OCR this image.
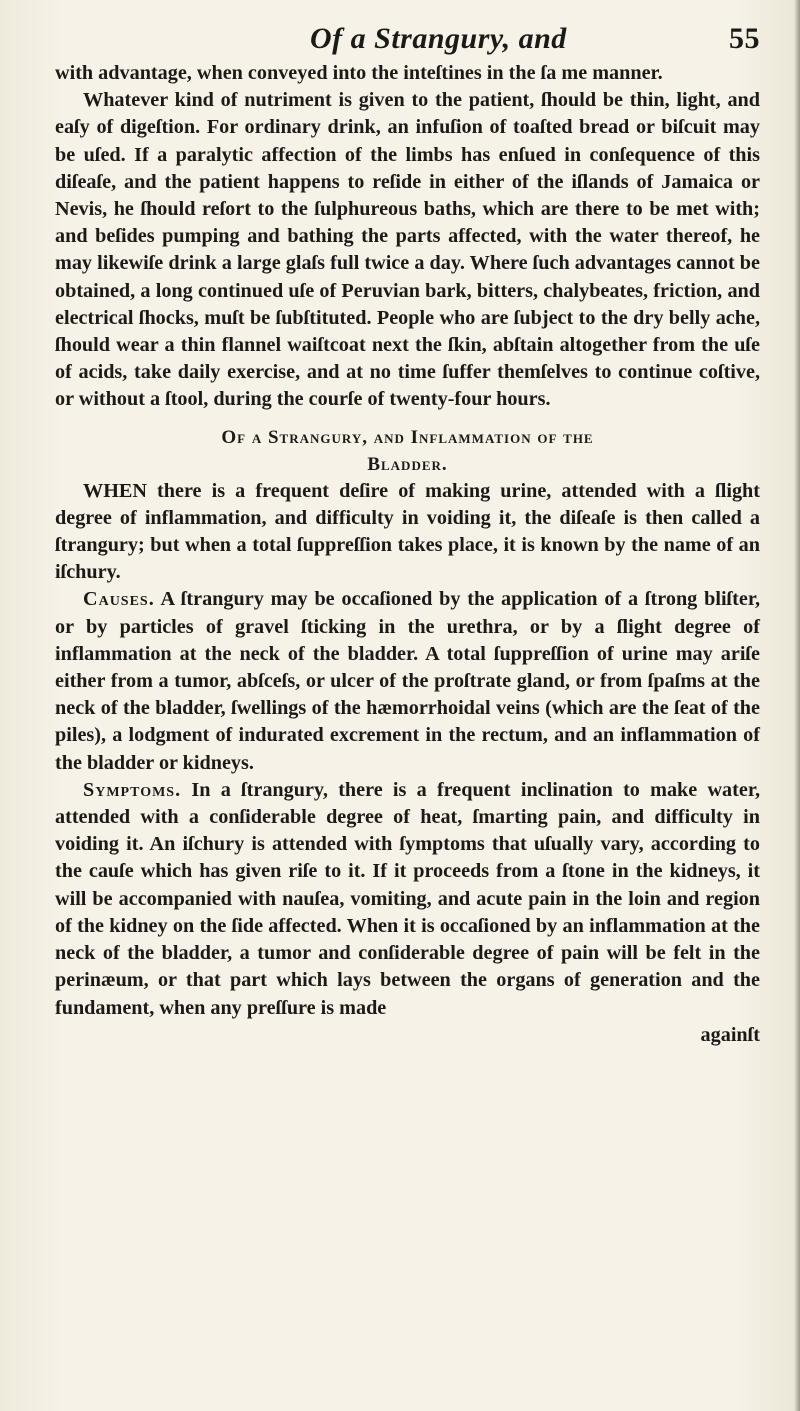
Of a Strangury, and	55

with advantage, when conveyed into the inteſtines in the ſa me manner.

Whatever kind of nutriment is given to the patient, ſhould be thin, light, and eaſy of digeſtion. For ordinary drink, an infuſion of toaſted bread or biſcuit may be uſed. If a paralytic affection of the limbs has enſued in conſequence of this diſeaſe, and the patient happens to reſide in either of the iſlands of Jamaica or Nevis, he ſhould reſort to the ſulphureous baths, which are there to be met with; and beſides pumping and bathing the parts affected, with the water thereof, he may likewiſe drink a large glaſs full twice a day. Where ſuch advantages cannot be obtained, a long continued uſe of Peruvian bark, bitters, chalybeates, friction, and electrical ſhocks, muſt be ſubſtituted. People who are ſubject to the dry belly ache, ſhould wear a thin flannel waiſtcoat next the ſkin, abſtain altogether from the uſe of acids, take daily exercise, and at no time ſuffer themſelves to continue coſtive, or without a ſtool, during the courſe of twenty-four hours.

Of a Strangury, and Inflammation of the
Bladder.

WHEN there is a frequent deſire of making urine, attended with a ſlight degree of inflammation, and difficulty in voiding it, the diſeaſe is then called a ſtrangury; but when a total ſuppreſſion takes place, it is known by the name of an iſchury.

Causes. A ſtrangury may be occaſioned by the application of a ſtrong bliſter, or by particles of gravel ſticking in the urethra, or by a ſlight degree of inflammation at the neck of the bladder. A total ſuppreſſion of urine may ariſe either from a tumor, abſceſs, or ulcer of the proſtrate gland, or from ſpaſms at the neck of the bladder, ſwellings of the hæmorrhoidal veins (which are the ſeat of the piles), a lodgment of indurated excrement in the rectum, and an inflammation of the bladder or kidneys.

Symptoms. In a ſtrangury, there is a frequent inclination to make water, attended with a conſiderable degree of heat, ſmarting pain, and difficulty in voiding it. An iſchury is attended with ſymptoms that uſually vary, according to the cauſe which has given riſe to it. If it proceeds from a ſtone in the kidneys, it will be accompanied with nauſea, vomiting, and acute pain in the loin and region of the kidney on the ſide affected. When it is occaſioned by an inflammation at the neck of the bladder, a tumor and conſiderable degree of pain will be felt in the perinæum, or that part which lays between the organs of generation and the fundament, when any preſſure is made

againſt
